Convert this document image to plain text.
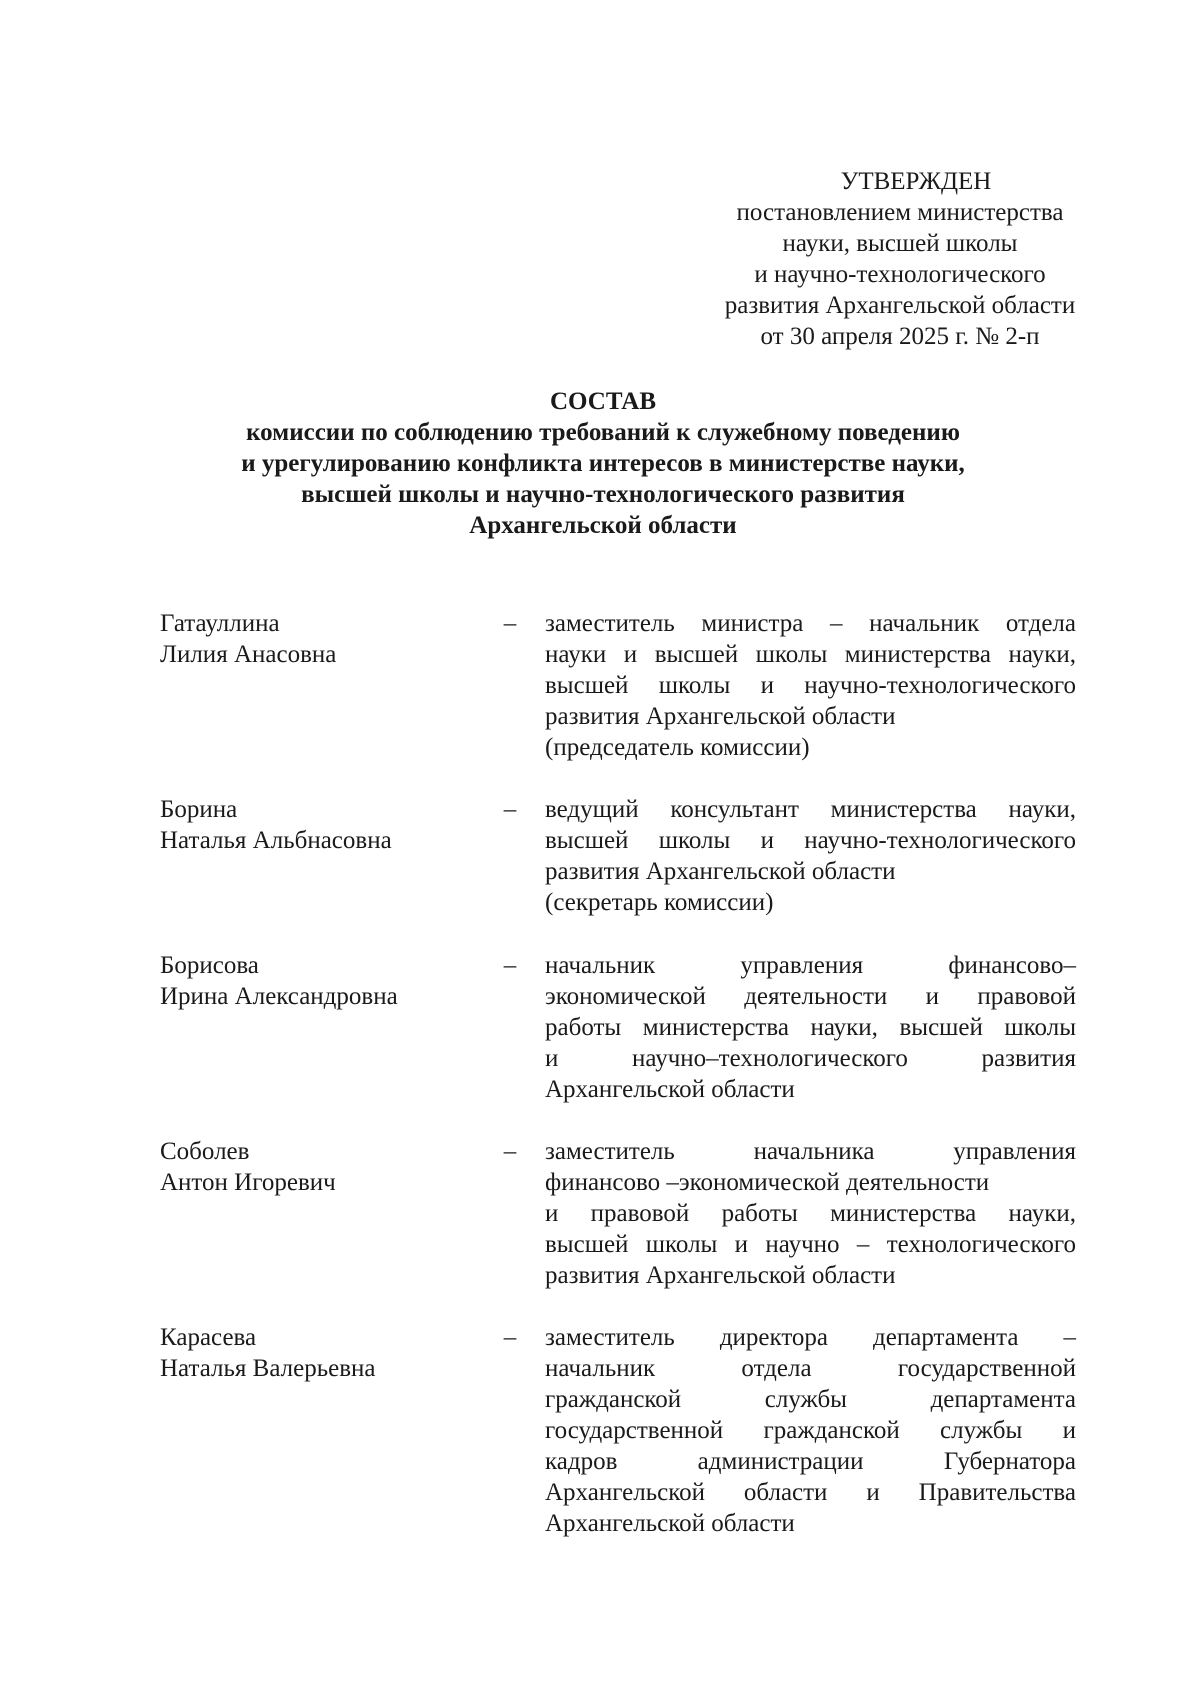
УТВЕРЖДЕН
постановлением министерства
науки, высшей школы
и научно-технологического
развития Архангельской области
от 30 апреля 2025 г. № 2-п
СОСТАВ
комиссии по соблюдению требований к служебному поведению
и урегулированию конфликта интересов в министерстве науки,
высшей школы и научно-технологического развития
Архангельской области
Гатауллина
Лилия Анасовна
– заместитель министра – начальник отдела
науки и высшей школы министерства науки,
высшей школы и научно-технологического
развития Архангельской области
(председатель комиссии)
Борина
Наталья Альбнасовна
– ведущий консультант министерства науки,
высшей школы и научно-технологического
развития Архангельской области
(секретарь комиссии)
Борисова
Ирина Александровна
– начальник управления финансово–
экономической деятельности и правовой
работы министерства науки, высшей школы
и научно–технологического развития
Архангельской области
Соболев
Антон Игоревич
– заместитель начальника управления
финансово –экономической деятельности
и правовой работы министерства науки,
высшей школы и научно – технологического
развития Архангельской области
Карасева
Наталья Валерьевна
– заместитель директора департамента –
начальник отдела государственной
гражданской службы департамента
государственной гражданской службы и
кадров администрации Губернатора
Архангельской области и Правительства
Архангельской области
